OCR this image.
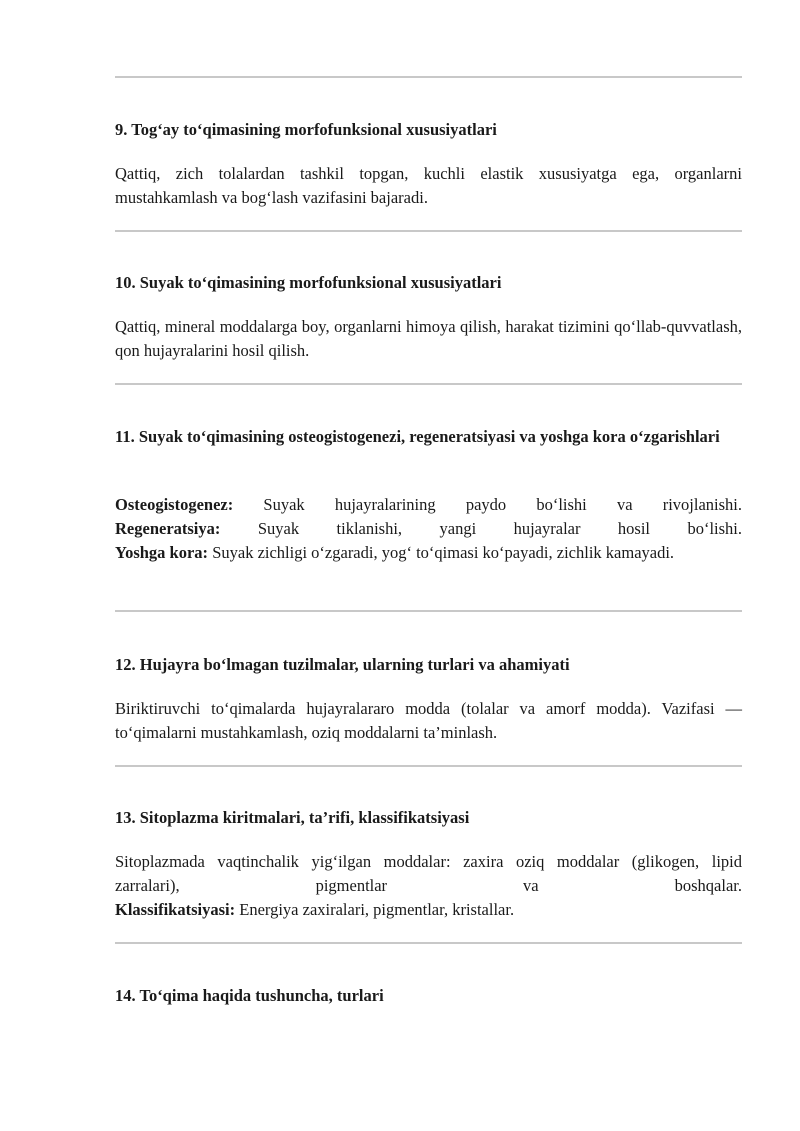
9. Tog‘ay to‘qimasining morfofunksional xususiyatlari

Qattiq, zich tolalardan tashkil topgan, kuchli elastik xususiyatga ega, organlarni mustahkamlash va bog‘lash vazifasini bajaradi.

10. Suyak to‘qimasining morfofunksional xususiyatlari

Qattiq, mineral moddalarga boy, organlarni himoya qilish, harakat tizimini qo‘llab-quvvatlash, qon hujayralarini hosil qilish.

11. Suyak to‘qimasining osteogistogenezi, regeneratsiyasi va yoshga kora o‘zgarishlari
Osteogistogenez: Suyak hujayralarining paydo bo‘lishi va rivojlanishi.
Regeneratsiya: Suyak tiklanishi, yangi hujayralar hosil bo‘lishi.
Yoshga kora: Suyak zichligi o‘zgaradi, yog‘ to‘qimasi ko‘payadi, zichlik kamayadi.
12. Hujayra bo‘lmagan tuzilmalar, ularning turlari va ahamiyati

Biriktiruvchi to‘qimalarda hujayralararo modda (tolalar va amorf modda). Vazifasi — to‘qimalarni mustahkamlash, oziq moddalarni ta’minlash.

13. Sitoplazma kiritmalari, ta’rifi, klassifikatsiyasi
Sitoplazmada vaqtinchalik yig‘ilgan moddalar: zaxira oziq moddalar (glikogen, lipid zarralari), pigmentlar va boshqalar.
Klassifikatsiyasi: Energiya zaxiralari, pigmentlar, kristallar.
14. To‘qima haqida tushuncha, turlari
